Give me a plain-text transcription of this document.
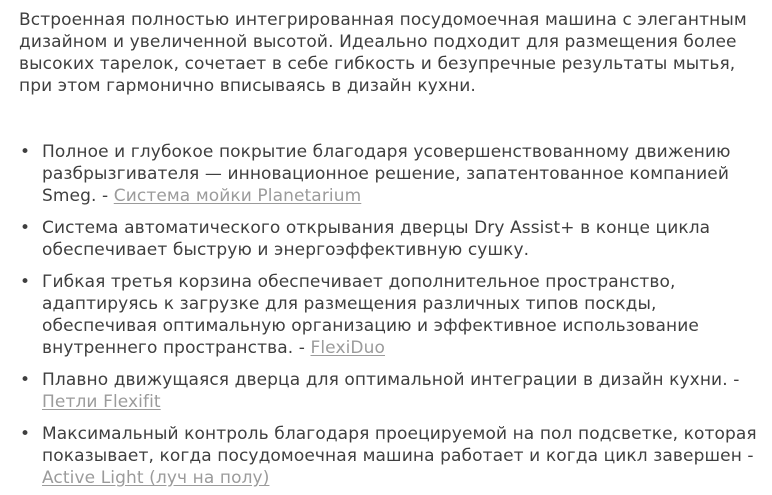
Встроенная полностью интегрированная посудомоечная машина с элегантным дизайном и увеличенной высотой. Идеально подходит для размещения более высоких тарелок, сочетает в себе гибкость и безупречные результаты мытья, при этом гармонично вписываясь в дизайн кухни.

• Полное и глубокое покрытие благодаря усовершенствованному движению разбрызгивателя — инновационное решение, запатентованное компанией Smeg. - Система мойки Planetarium
• Система автоматического открывания дверцы Dry Assist+ в конце цикла обеспечивает быструю и энергоэффективную сушку.
• Гибкая третья корзина обеспечивает дополнительное пространство, адаптируясь к загрузке для размещения различных типов поскды, обеспечивая оптимальную организацию и эффективное использование внутреннего пространства. - FlexiDuo
• Плавно движущаяся дверца для оптимальной интеграции в дизайн кухни. - Петли Flexifit
• Максимальный контроль благодаря проецируемой на пол подсветке, которая показывает, когда посудомоечная машина работает и когда цикл завершен - Active Light (луч на полу)
